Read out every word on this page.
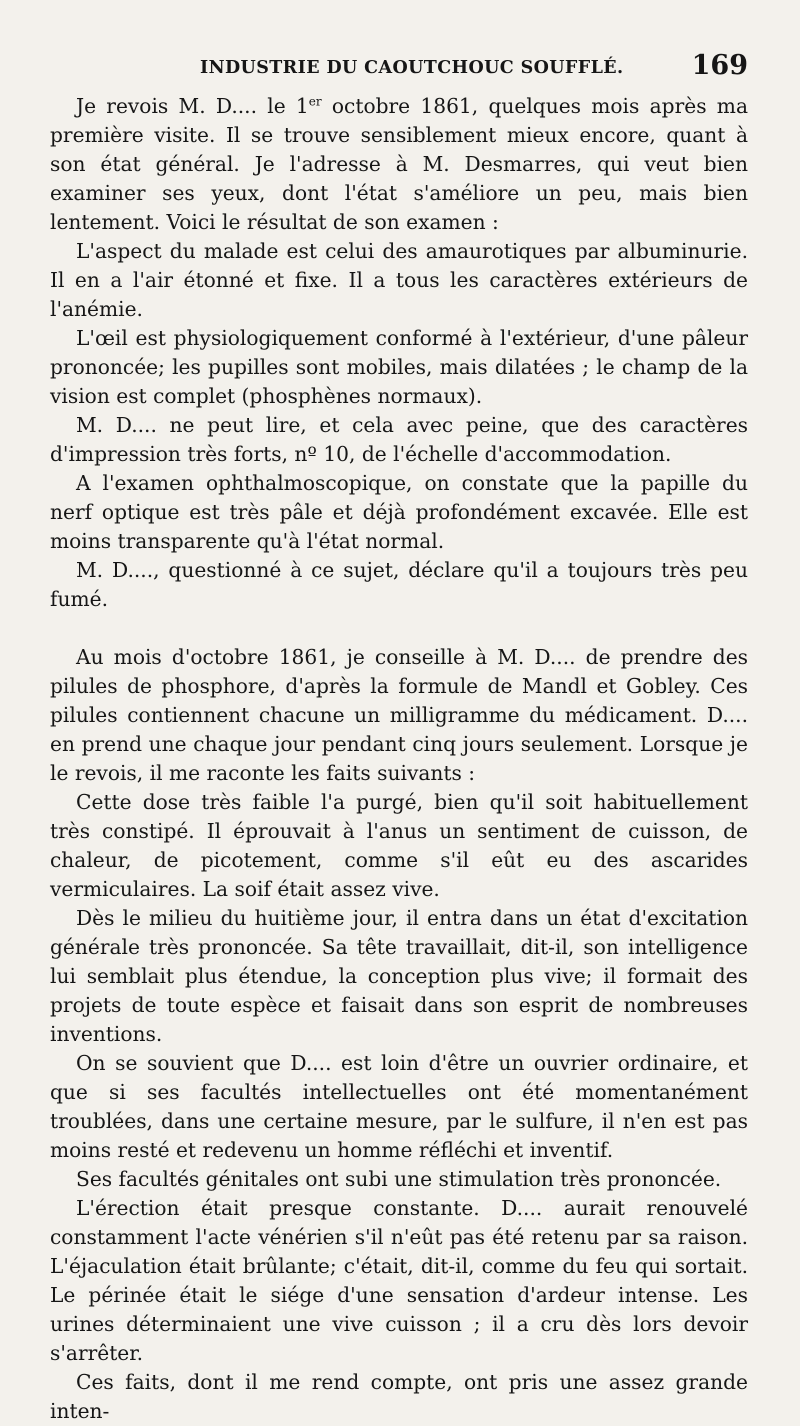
INDUSTRIE DU CAOUTCHOUC SOUFFLÉ.	169

Je revois M. D.... le 1er octobre 1861, quelques mois après ma première visite. Il se trouve sensiblement mieux encore, quant à son état général. Je l'adresse à M. Desmarres, qui veut bien examiner ses yeux, dont l'état s'améliore un peu, mais bien lentement. Voici le résultat de son examen :

L'aspect du malade est celui des amaurotiques par albuminurie. Il en a l'air étonné et fixe. Il a tous les caractères extérieurs de l'anémie.

L'œil est physiologiquement conformé à l'extérieur, d'une pâleur prononcée; les pupilles sont mobiles, mais dilatées ; le champ de la vision est complet (phosphènes normaux).

M. D.... ne peut lire, et cela avec peine, que des caractères d'impression très forts, nº 10, de l'échelle d'accommodation.

A l'examen ophthalmoscopique, on constate que la papille du nerf optique est très pâle et déjà profondément excavée. Elle est moins transparente qu'à l'état normal.

M. D...., questionné à ce sujet, déclare qu'il a toujours très peu fumé.

Au mois d'octobre 1861, je conseille à M. D.... de prendre des pilules de phosphore, d'après la formule de Mandl et Gobley. Ces pilules contiennent chacune un milligramme du médicament. D.... en prend une chaque jour pendant cinq jours seulement. Lorsque je le revois, il me raconte les faits suivants :

Cette dose très faible l'a purgé, bien qu'il soit habituellement très constipé. Il éprouvait à l'anus un sentiment de cuisson, de chaleur, de picotement, comme s'il eût eu des ascarides vermiculaires. La soif était assez vive.

Dès le milieu du huitième jour, il entra dans un état d'excitation générale très prononcée. Sa tête travaillait, dit-il, son intelligence lui semblait plus étendue, la conception plus vive; il formait des projets de toute espèce et faisait dans son esprit de nombreuses inventions.

On se souvient que D.... est loin d'être un ouvrier ordinaire, et que si ses facultés intellectuelles ont été momentanément troublées, dans une certaine mesure, par le sulfure, il n'en est pas moins resté et redevenu un homme réfléchi et inventif.

Ses facultés génitales ont subi une stimulation très prononcée.

L'érection était presque constante. D.... aurait renouvelé constamment l'acte vénérien s'il n'eût pas été retenu par sa raison. L'éjaculation était brûlante; c'était, dit-il, comme du feu qui sortait. Le périnée était le siége d'une sensation d'ardeur intense. Les urines déterminaient une vive cuisson ; il a cru dès lors devoir s'arrêter.

Ces faits, dont il me rend compte, ont pris une assez grande inten-
